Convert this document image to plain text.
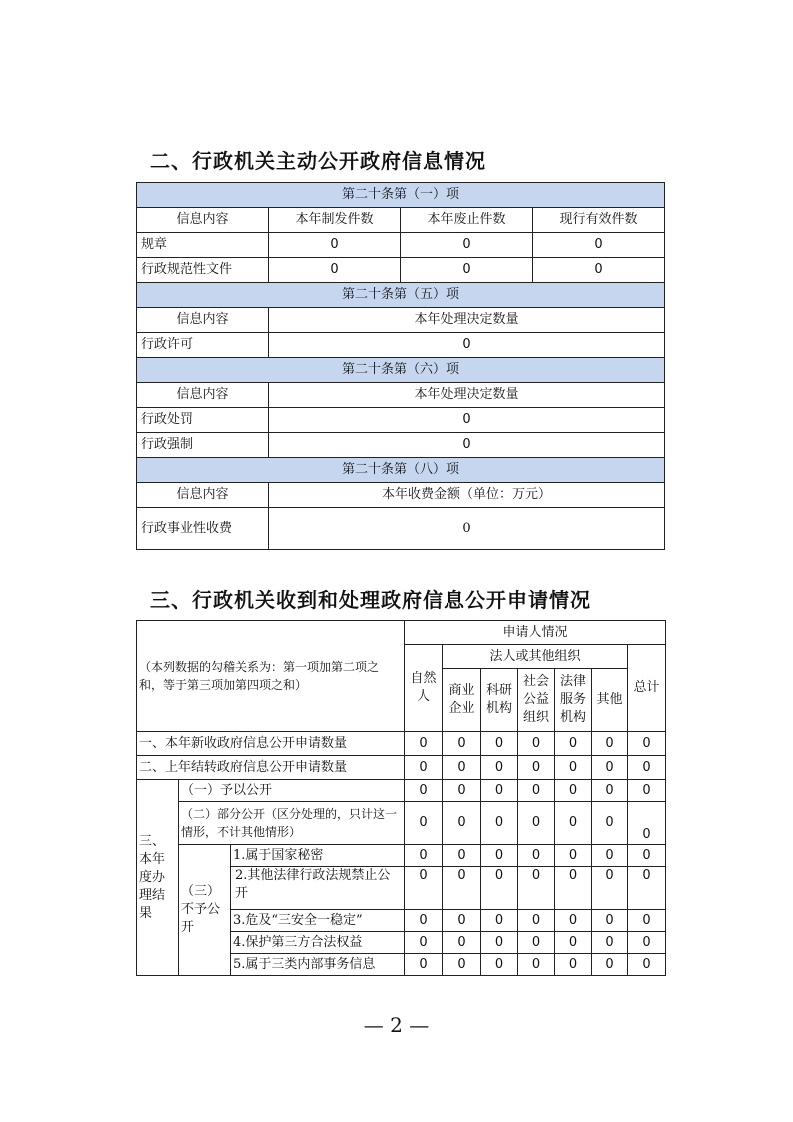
二、行政机关主动公开政府信息情况
第二十条第（一）项			
信息内容	本年制发件数	本年废止件数	现行有效件数
规章	0	0	0
行政规范性文件	0	0	0
第二十条第（五）项			
信息内容	本年处理决定数量		
行政许可	0		
第二十条第（六）项			
信息内容	本年处理决定数量		
行政处罚	0		
行政强制	0		
第二十条第（八）项			
信息内容	本年收费金额（单位：万元）		
行政事业性收费	0		
三、行政机关收到和处理政府信息公开申请情况
（本列数据的勾稽关系为：第一项加第二项之和，等于第三项加第四项之和）			申请人情况						
			自然人	法人或其他组织					总计
				商业企业	科研机构	社会公益组织	法律服务机构	其他	
一、本年新收政府信息公开申请数量			0	0	0	0	0	0	0
二、上年结转政府信息公开申请数量			0	0	0	0	0	0	0
三、本年度办理结果	（一）予以公开		0	0	0	0	0	0	0
	（二）部分公开（区分处理的，只计这一情形，不计其他情形）		0	0	0	0	0	0	0
	（三）不予公开	1.属于国家秘密	0	0	0	0	0	0	0
		2.其他法律行政法规禁止公开	0	0	0	0	0	0	0
		3.危及“三安全一稳定”	0	0	0	0	0	0	0
		4.保护第三方合法权益	0	0	0	0	0	0	0
		5.属于三类内部事务信息	0	0	0	0	0	0	0
— 2 —
